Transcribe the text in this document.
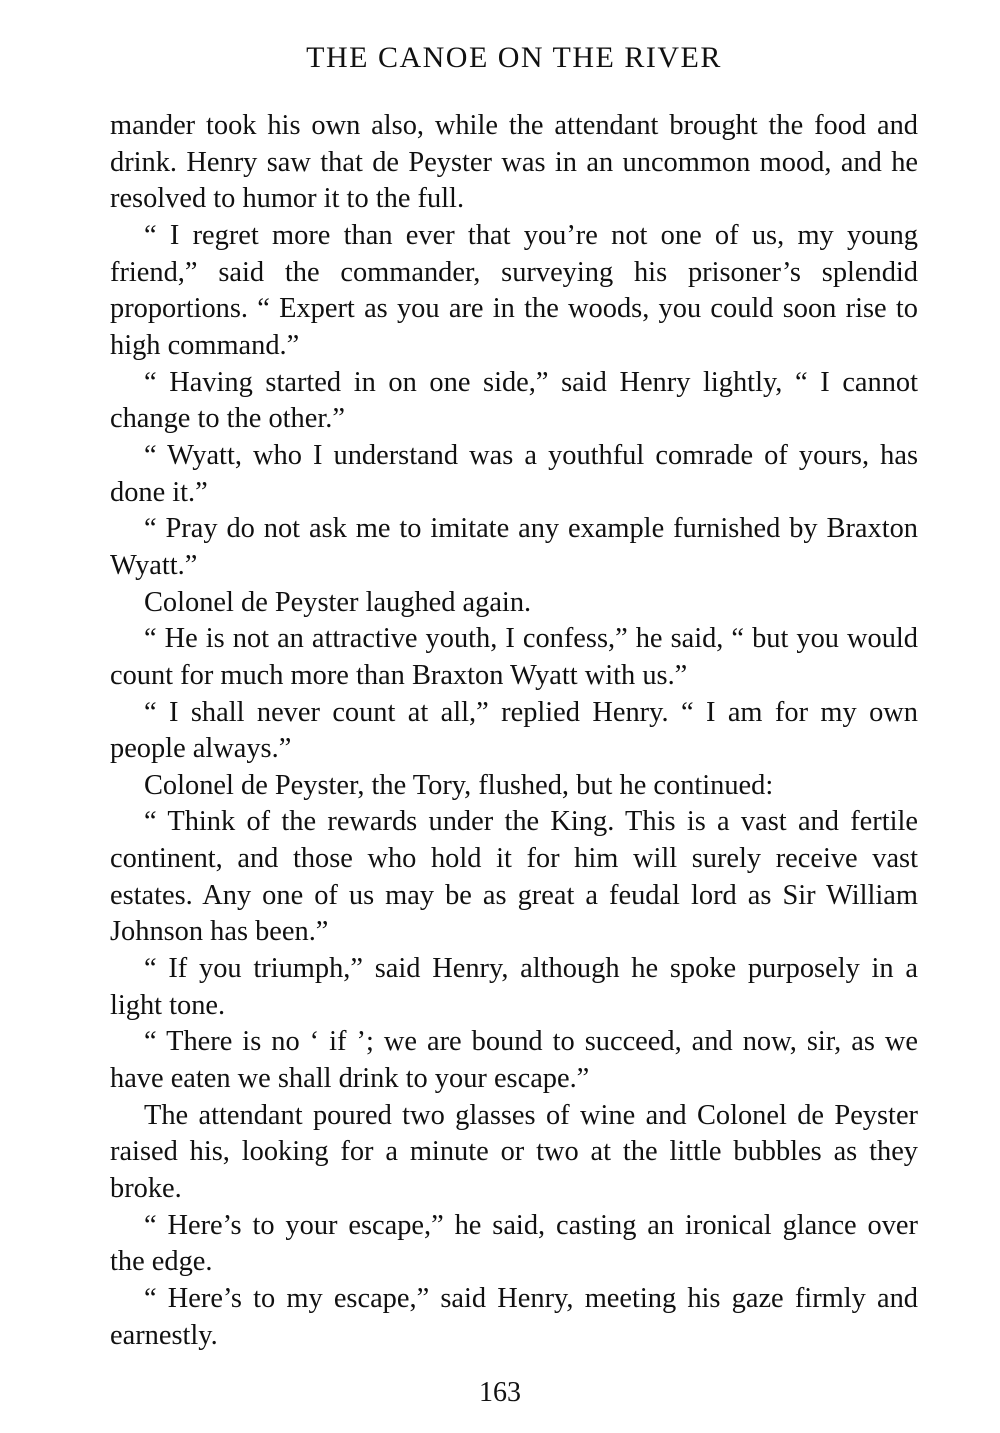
THE CANOE ON THE RIVER

mander took his own also, while the attendant brought the food and drink. Henry saw that de Peyster was in an uncommon mood, and he resolved to humor it to the full.

“ I regret more than ever that you’re not one of us, my young friend,” said the commander, surveying his prisoner’s splendid proportions. “ Expert as you are in the woods, you could soon rise to high command.”

“ Having started in on one side,” said Henry lightly, “ I cannot change to the other.”

“ Wyatt, who I understand was a youthful comrade of yours, has done it.”

“ Pray do not ask me to imitate any example furnished by Braxton Wyatt.”

Colonel de Peyster laughed again.

“ He is not an attractive youth, I confess,” he said, “ but you would count for much more than Braxton Wyatt with us.”

“ I shall never count at all,” replied Henry. “ I am for my own people always.”

Colonel de Peyster, the Tory, flushed, but he continued:

“ Think of the rewards under the King. This is a vast and fertile continent, and those who hold it for him will surely receive vast estates. Any one of us may be as great a feudal lord as Sir William Johnson has been.”

“ If you triumph,” said Henry, although he spoke purposely in a light tone.

“ There is no ‘ if ’; we are bound to succeed, and now, sir, as we have eaten we shall drink to your escape.”

The attendant poured two glasses of wine and Colonel de Peyster raised his, looking for a minute or two at the little bubbles as they broke.

“ Here’s to your escape,” he said, casting an ironical glance over the edge.

“ Here’s to my escape,” said Henry, meeting his gaze firmly and earnestly.

163
